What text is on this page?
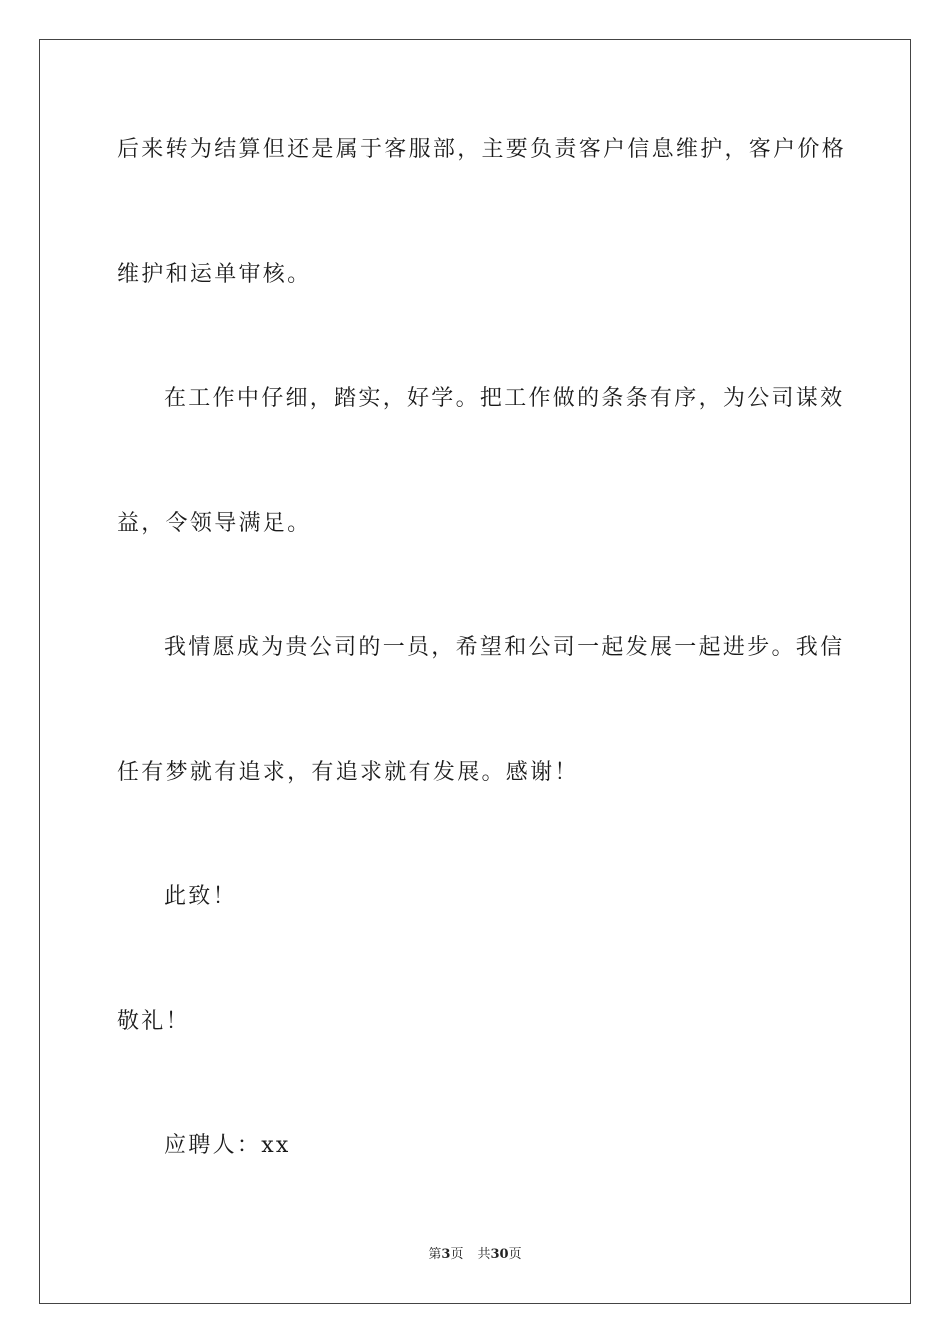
后来转为结算但还是属于客服部，主要负责客户信息维护，客户价格
维护和运单审核。
在工作中仔细，踏实，好学。把工作做的条条有序，为公司谋效
益，令领导满足。
我情愿成为贵公司的一员，希望和公司一起发展一起进步。我信
任有梦就有追求，有追求就有发展。感谢！
此致！
敬礼！
应聘人：xx
第3页 共30页
